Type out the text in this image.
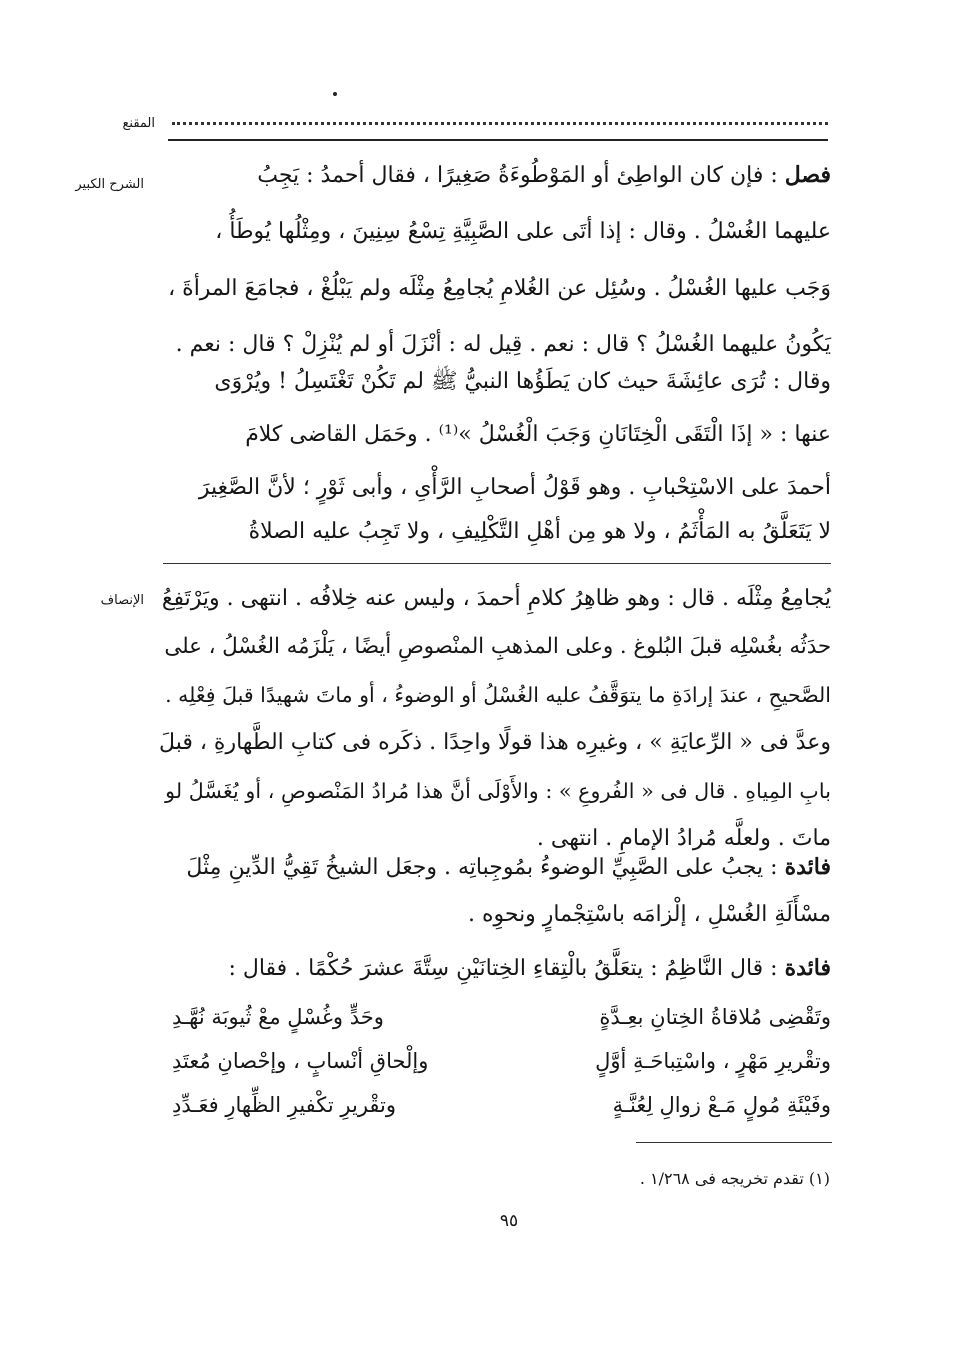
المقنع
الشرح الكبير	فصل : فإن كان الواطِئ أو المَوْطُوءَةُ صَغِيرًا ، فقال أحمدُ : يَجِبُ
عليهما الغُسْلُ . وقال : إذا أتَى على الصَّبِيَّةِ تِسْعُ سِنِينَ ، ومِثْلُها يُوطَأُ ،
وَجَب عليها الغُسْلُ . وسُئِل عن الغُلامِ يُجامِعُ مِثْلَه ولم يَبْلُغْ ، فجامَعَ المرأةَ ،
يَكُونُ عليهما الغُسْلُ ؟ قال : نعم . قِيل له : أنْزَلَ أو لم يُنْزِلْ ؟ قال : نعم .
وقال : تُرَى عائِشَةَ حيث كان يَطَؤُها النبيُّ ﷺ لم تَكُنْ تَغْتَسِلُ ! ويُرْوَى
عنها : « إذَا الْتَقَى الْخِتَانَانِ وَجَبَ الْغُسْلُ »⁽¹⁾ . وحَمَل القاضى كلامَ
أحمدَ على الاسْتِحْبابِ . وهو قَوْلُ أصحابِ الرَّأْىِ ، وأبى ثَوْرٍ ؛ لأنَّ الصَّغِيرَ
لا يَتَعَلَّقُ به المَأْثَمُ ، ولا هو مِن أهْلِ التَّكْلِيفِ ، ولا تَجِبُ عليه الصلاةُ
الإنصاف يُجامِعُ مِثْلَه . قال : وهو ظاهِرُ كلامِ أحمدَ ، وليس عنه خِلافُه . انتهى . ويَرْتَفِعُ
حدَثُه بغُسْلِه قبلَ البُلوغ . وعلى المذهبِ المنْصوصِ أيضًا ، يَلْزَمُه الغُسْلُ ، على
الصَّحيحِ ، عندَ إرادَةِ ما يتوَقَّفُ عليه الغُسْلُ أو الوضوءُ ، أو ماتَ شهيدًا قبلَ فِعْلِه .
وعدَّ فى « الرِّعايَةِ » ، وغيرِه هذا قولًا واحِدًا . ذكَره فى كتابِ الطَّهارةِ ، قبلَ
بابِ المِياهِ . قال فى « الفُروعِ » : والأَوْلَى أنَّ هذا مُرادُ المَنْصوصِ ، أو يُغَسَّلُ لو
ماتَ . ولعلَّه مُرادُ الإمامِ . انتهى .
فائدة : يجبُ على الصَّبِيِّ الوضوءُ بمُوجِباتِه . وجعَل الشيخُ تَقِيُّ الدِّينِ مِثْلَ
مسْأَلَةِ الغُسْلِ ، إلْزامَه باسْتِجْمارٍ ونحوِه .
فائدة : قال النَّاظِمُ : يتعَلَّقُ بالْتِقاءِ الخِتانَيْنِ سِتَّةَ عشرَ حُكْمًا . فقال :
وتَقْضِى مُلاقاةُ الخِتانِ بعِـدَّةٍ
وحَدٍّ وغُسْلٍ معْ ثُيوبَة نُهَّـدِ
وتقْريرِ مَهْرٍ ، واسْتِباحَـةِ أوَّلٍ
وإلْحاقِ أنْسابٍ ، وإحْصانِ مُعتَدِ
وفَيْئَةِ مُولٍ مَـعْ زوالِ لِعُنَّـةٍ
وتقْريرِ تكْفيرِ الظِّهارِ فعَـدِّدِ
(١) تقدم تخريجه فى ١/٢٦٨ .
٩٥
